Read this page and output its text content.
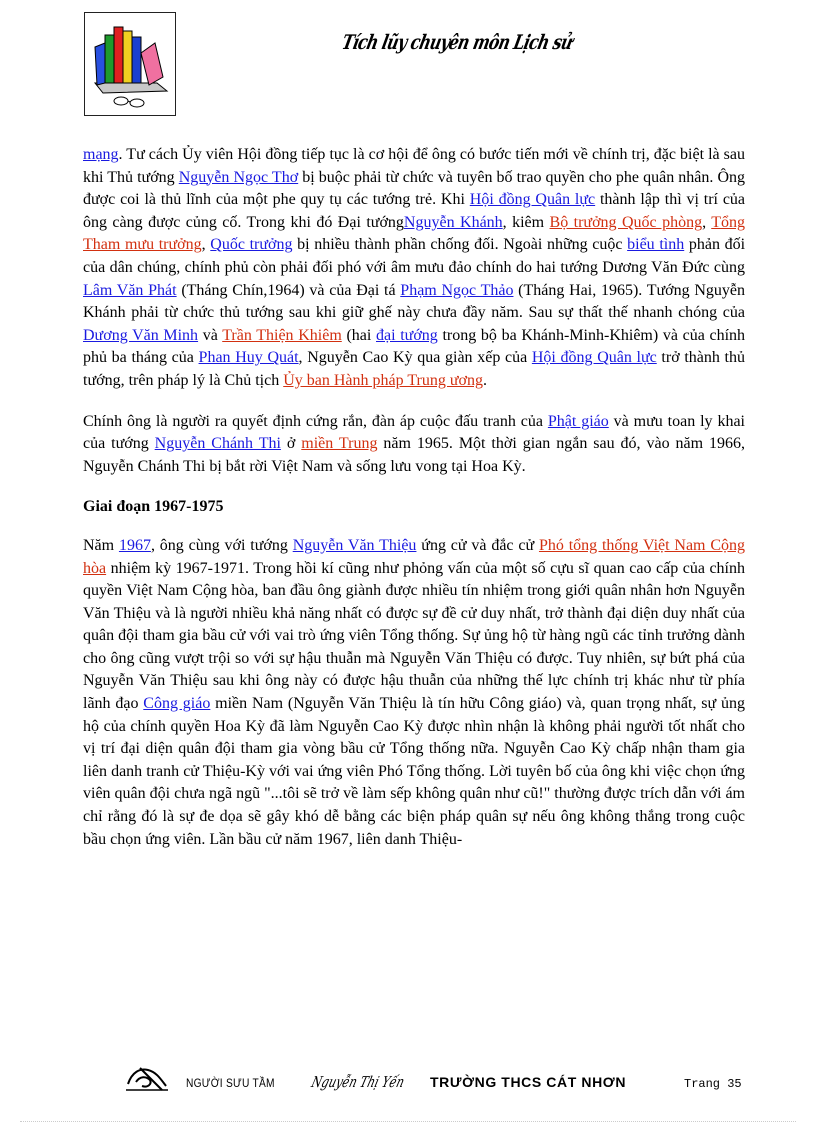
Tích lũy chuyên môn Lịch sử

mạng. Tư cách Ủy viên Hội đồng tiếp tục là cơ hội để ông có bước tiến mới về chính trị, đặc biệt là sau khi Thủ tướng Nguyễn Ngọc Thơ bị buộc phải từ chức và tuyên bố trao quyền cho phe quân nhân. Ông được coi là thủ lĩnh của một phe quy tụ các tướng trẻ. Khi Hội đồng Quân lực thành lập thì vị trí của ông càng được củng cố. Trong khi đó Đại tướngNguyễn Khánh, kiêm Bộ trưởng Quốc phòng, Tổng Tham mưu trưởng, Quốc trưởng bị nhiều thành phần chống đối. Ngoài những cuộc biểu tình phản đối của dân chúng, chính phủ còn phải đối phó với âm mưu đảo chính do hai tướng Dương Văn Đức cùng Lâm Văn Phát (Tháng Chín,1964) và của Đại tá Phạm Ngọc Thảo (Tháng Hai, 1965). Tướng Nguyễn Khánh phải từ chức thủ tướng sau khi giữ ghế này chưa đầy năm. Sau sự thất thế nhanh chóng của Dương Văn Minh và Trần Thiện Khiêm (hai đại tướng trong bộ ba Khánh-Minh-Khiêm) và của chính phủ ba tháng của Phan Huy Quát, Nguyễn Cao Kỳ qua giàn xếp của Hội đồng Quân lực trở thành thủ tướng, trên pháp lý là Chủ tịch Ủy ban Hành pháp Trung ương.

Chính ông là người ra quyết định cứng rắn, đàn áp cuộc đấu tranh của Phật giáo và mưu toan ly khai của tướng Nguyễn Chánh Thi ở miền Trung năm 1965. Một thời gian ngắn sau đó, vào năm 1966, Nguyễn Chánh Thi bị bắt rời Việt Nam và sống lưu vong tại Hoa Kỳ.

Giai đoạn 1967-1975

Năm 1967, ông cùng với tướng Nguyễn Văn Thiệu ứng cử và đắc cử Phó tổng thống Việt Nam Cộng hòa nhiệm kỳ 1967-1971. Trong hồi kí cũng như phỏng vấn của một số cựu sĩ quan cao cấp của chính quyền Việt Nam Cộng hòa, ban đầu ông giành được nhiều tín nhiệm trong giới quân nhân hơn Nguyễn Văn Thiệu và là người nhiều khả năng nhất có được sự đề cử duy nhất, trở thành đại diện duy nhất của quân đội tham gia bầu cử với vai trò ứng viên Tổng thống. Sự ủng hộ từ hàng ngũ các tỉnh trưởng dành cho ông cũng vượt trội so với sự hậu thuẫn mà Nguyễn Văn Thiệu có được. Tuy nhiên, sự bứt phá của Nguyễn Văn Thiệu sau khi ông này có được hậu thuẫn của những thế lực chính trị khác như từ phía lãnh đạo Công giáo miền Nam (Nguyễn Văn Thiệu là tín hữu Công giáo) và, quan trọng nhất, sự ủng hộ của chính quyền Hoa Kỳ đã làm Nguyễn Cao Kỳ được nhìn nhận là không phải người tốt nhất cho vị trí đại diện quân đội tham gia vòng bầu cử Tổng thống nữa. Nguyễn Cao Kỳ chấp nhận tham gia liên danh tranh cử Thiệu-Kỳ với vai ứng viên Phó Tổng thống. Lời tuyên bố của ông khi việc chọn ứng viên quân đội chưa ngã ngũ "...tôi sẽ trở về làm sếp không quân như cũ!" thường được trích dẫn với ám chỉ rằng đó là sự đe dọa sẽ gây khó dễ bằng các biện pháp quân sự nếu ông không thắng trong cuộc bầu chọn ứng viên. Lần bầu cử năm 1967, liên danh Thiệu-

NGƯỜI SƯU TẦM Nguyễn Thị Yến TRƯỜNG THCS CÁT NHƠN	Trang 35
